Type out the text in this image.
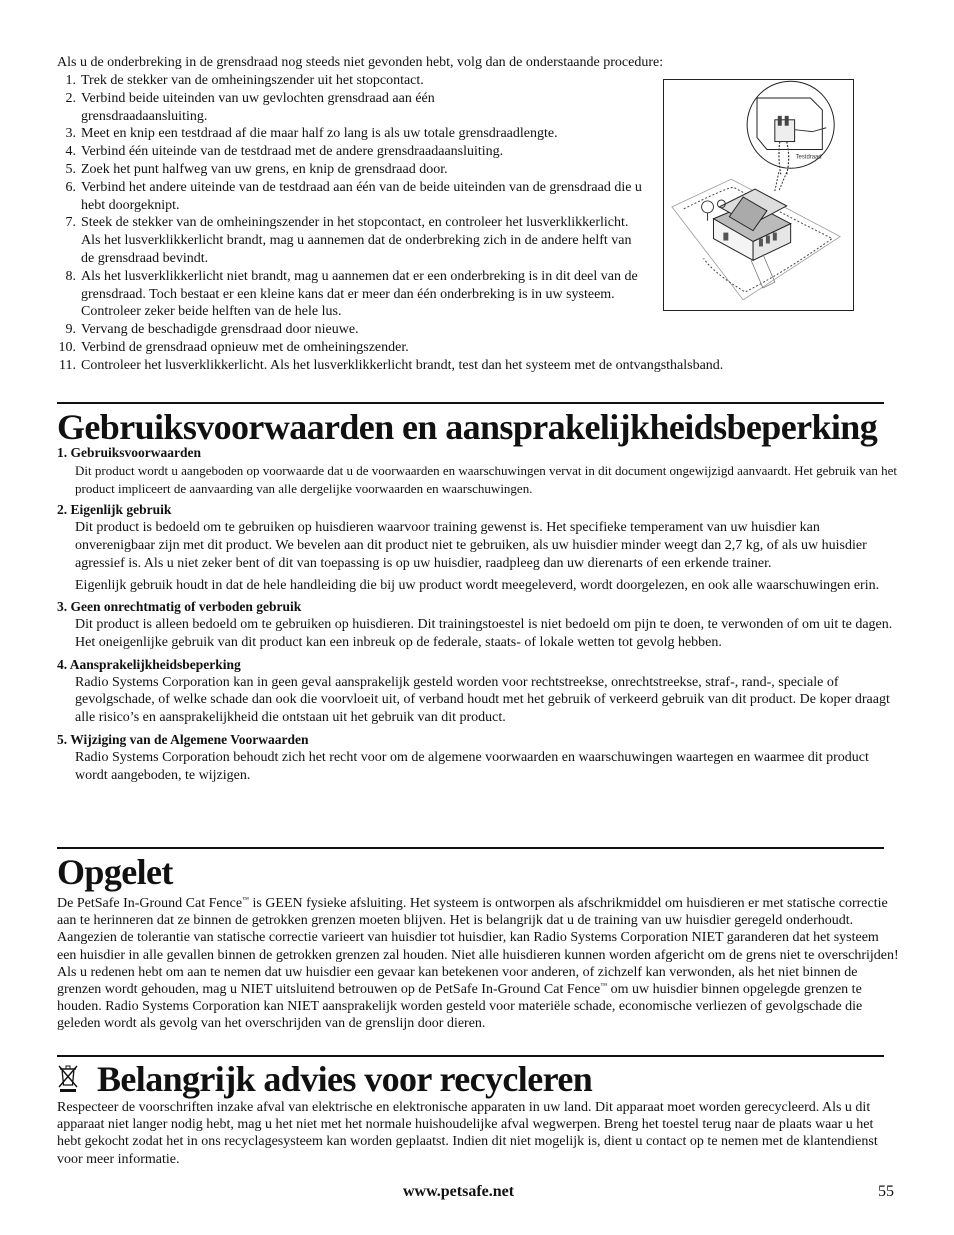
Als u de onderbreking in de grensdraad nog steeds niet gevonden hebt, volg dan de onderstaande procedure:
1. Trek de stekker van de omheiningszender uit het stopcontact.
2. Verbind beide uiteinden van uw gevlochten grensdraad aan één grensdraadaansluiting.
3. Meet en knip een testdraad af die maar half zo lang is als uw totale grensdraadlengte.
4. Verbind één uiteinde van de testdraad met de andere grensdraadaansluiting.
5. Zoek het punt halfweg van uw grens, en knip de grensdraad door.
6. Verbind het andere uiteinde van de testdraad aan één van de beide uiteinden van de grensdraad die u hebt doorgeknipt.
7. Steek de stekker van de omheiningszender in het stopcontact, en controleer het lusverklikkerlicht. Als het lusverklikkerlicht brandt, mag u aannemen dat de onderbreking zich in de andere helft van de grensdraad bevindt.
8. Als het lusverklikkerlicht niet brandt, mag u aannemen dat er een onderbreking is in dit deel van de grensdraad. Toch bestaat er een kleine kans dat er meer dan één onderbreking is in uw systeem. Controleer zeker beide helften van de hele lus.
9. Vervang de beschadigde grensdraad door nieuwe.
10. Verbind de grensdraad opnieuw met de omheiningszender.
11. Controleer het lusverklikkerlicht. Als het lusverklikkerlicht brandt, test dan het systeem met de ontvangsthalsband.
Testdraad
Gebruiksvoorwaarden en aansprakelijkheidsbeperking
1. Gebruiksvoorwaarden

Dit product wordt u aangeboden op voorwaarde dat u de voorwaarden en waarschuwingen vervat in dit document ongewijzigd aanvaardt. Het gebruik van het product impliceert de aanvaarding van alle dergelijke voorwaarden en waarschuwingen.

2. Eigenlijk gebruik

Dit product is bedoeld om te gebruiken op huisdieren waarvoor training gewenst is. Het specifieke temperament van uw huisdier kan onverenigbaar zijn met dit product. We bevelen aan dit product niet te gebruiken, als uw huisdier minder weegt dan 2,7 kg, of als uw huisdier agressief is. Als u niet zeker bent of dit van toepassing is op uw huisdier, raadpleeg dan uw dierenarts of een erkende trainer.

Eigenlijk gebruik houdt in dat de hele handleiding die bij uw product wordt meegeleverd, wordt doorgelezen, en ook alle waarschuwingen erin.

3. Geen onrechtmatig of verboden gebruik

Dit product is alleen bedoeld om te gebruiken op huisdieren. Dit trainingstoestel is niet bedoeld om pijn te doen, te verwonden of om uit te dagen. Het oneigenlijke gebruik van dit product kan een inbreuk op de federale, staats- of lokale wetten tot gevolg hebben.

4. Aansprakelijkheidsbeperking

Radio Systems Corporation kan in geen geval aansprakelijk gesteld worden voor rechtstreekse, onrechtstreekse, straf-, rand-, speciale of gevolgschade, of welke schade dan ook die voorvloeit uit, of verband houdt met het gebruik of verkeerd gebruik van dit product. De koper draagt alle risico’s en aansprakelijkheid die ontstaan uit het gebruik van dit product.

5. Wijziging van de Algemene Voorwaarden

Radio Systems Corporation behoudt zich het recht voor om de algemene voorwaarden en waarschuwingen waartegen en waarmee dit product wordt aangeboden, te wijzigen.

Opgelet

De PetSafe In-Ground Cat Fence™ is GEEN fysieke afsluiting. Het systeem is ontworpen als afschrikmiddel om huisdieren er met statische correctie aan te herinneren dat ze binnen de getrokken grenzen moeten blijven. Het is belangrijk dat u de training van uw huisdier geregeld onderhoudt. Aangezien de tolerantie van statische correctie varieert van huisdier tot huisdier, kan Radio Systems Corporation NIET garanderen dat het systeem een huisdier in alle gevallen binnen de getrokken grenzen zal houden. Niet alle huisdieren kunnen worden afgericht om de grens niet te overschrijden! Als u redenen hebt om aan te nemen dat uw huisdier een gevaar kan betekenen voor anderen, of zichzelf kan verwonden, als het niet binnen de grenzen wordt gehouden, mag u NIET uitsluitend betrouwen op de PetSafe In-Ground Cat Fence™ om uw huisdier binnen opgelegde grenzen te houden. Radio Systems Corporation kan NIET aansprakelijk worden gesteld voor materiële schade, economische verliezen of gevolgschade die geleden wordt als gevolg van het overschrijden van de grenslijn door dieren.

Belangrijk advies voor recycleren

Respecteer de voorschriften inzake afval van elektrische en elektronische apparaten in uw land. Dit apparaat moet worden gerecycleerd. Als u dit apparaat niet langer nodig hebt, mag u het niet met het normale huishoudelijke afval wegwerpen. Breng het toestel terug naar de plaats waar u het hebt gekocht zodat het in ons recyclagesysteem kan worden geplaatst. Indien dit niet mogelijk is, dient u contact op te nemen met de klantendienst voor meer informatie.

www.petsafe.net	55
